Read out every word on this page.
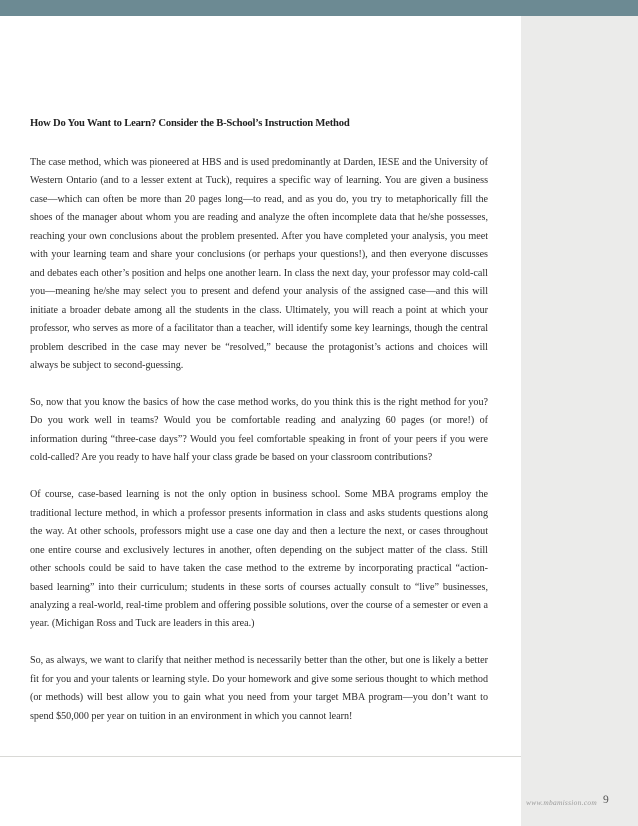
How Do You Want to Learn? Consider the B-School’s Instruction Method

The case method, which was pioneered at HBS and is used predominantly at Darden, IESE and the University of Western Ontario (and to a lesser extent at Tuck), requires a specific way of learning. You are given a business case—which can often be more than 20 pages long—to read, and as you do, you try to metaphorically fill the shoes of the manager about whom you are reading and analyze the often incomplete data that he/she possesses, reaching your own conclusions about the problem presented. After you have completed your analysis, you meet with your learning team and share your conclusions (or perhaps your questions!), and then everyone discusses and debates each other’s position and helps one another learn. In class the next day, your professor may cold-call you—meaning he/she may select you to present and defend your analysis of the assigned case—and this will initiate a broader debate among all the students in the class. Ultimately, you will reach a point at which your professor, who serves as more of a facilitator than a teacher, will identify some key learnings, though the central problem described in the case may never be “resolved,” because the protagonist’s actions and choices will always be subject to second-guessing.

So, now that you know the basics of how the case method works, do you think this is the right method for you? Do you work well in teams? Would you be comfortable reading and analyzing 60 pages (or more!) of information during “three-case days”? Would you feel comfortable speaking in front of your peers if you were cold-called? Are you ready to have half your class grade be based on your classroom contributions?

Of course, case-based learning is not the only option in business school. Some MBA programs employ the traditional lecture method, in which a professor presents information in class and asks students questions along the way. At other schools, professors might use a case one day and then a lecture the next, or cases throughout one entire course and exclusively lectures in another, often depending on the subject matter of the class. Still other schools could be said to have taken the case method to the extreme by incorporating practical “action-based learning” into their curriculum; students in these sorts of courses actually consult to “live” businesses, analyzing a real-world, real-time problem and offering possible solutions, over the course of a semester or even a year. (Michigan Ross and Tuck are leaders in this area.)

So, as always, we want to clarify that neither method is necessarily better than the other, but one is likely a better fit for you and your talents or learning style. Do your homework and give some serious thought to which method (or methods) will best allow you to gain what you need from your target MBA program—you don’t want to spend $50,000 per year on tuition in an environment in which you cannot learn!

www.mbamission.com 9
